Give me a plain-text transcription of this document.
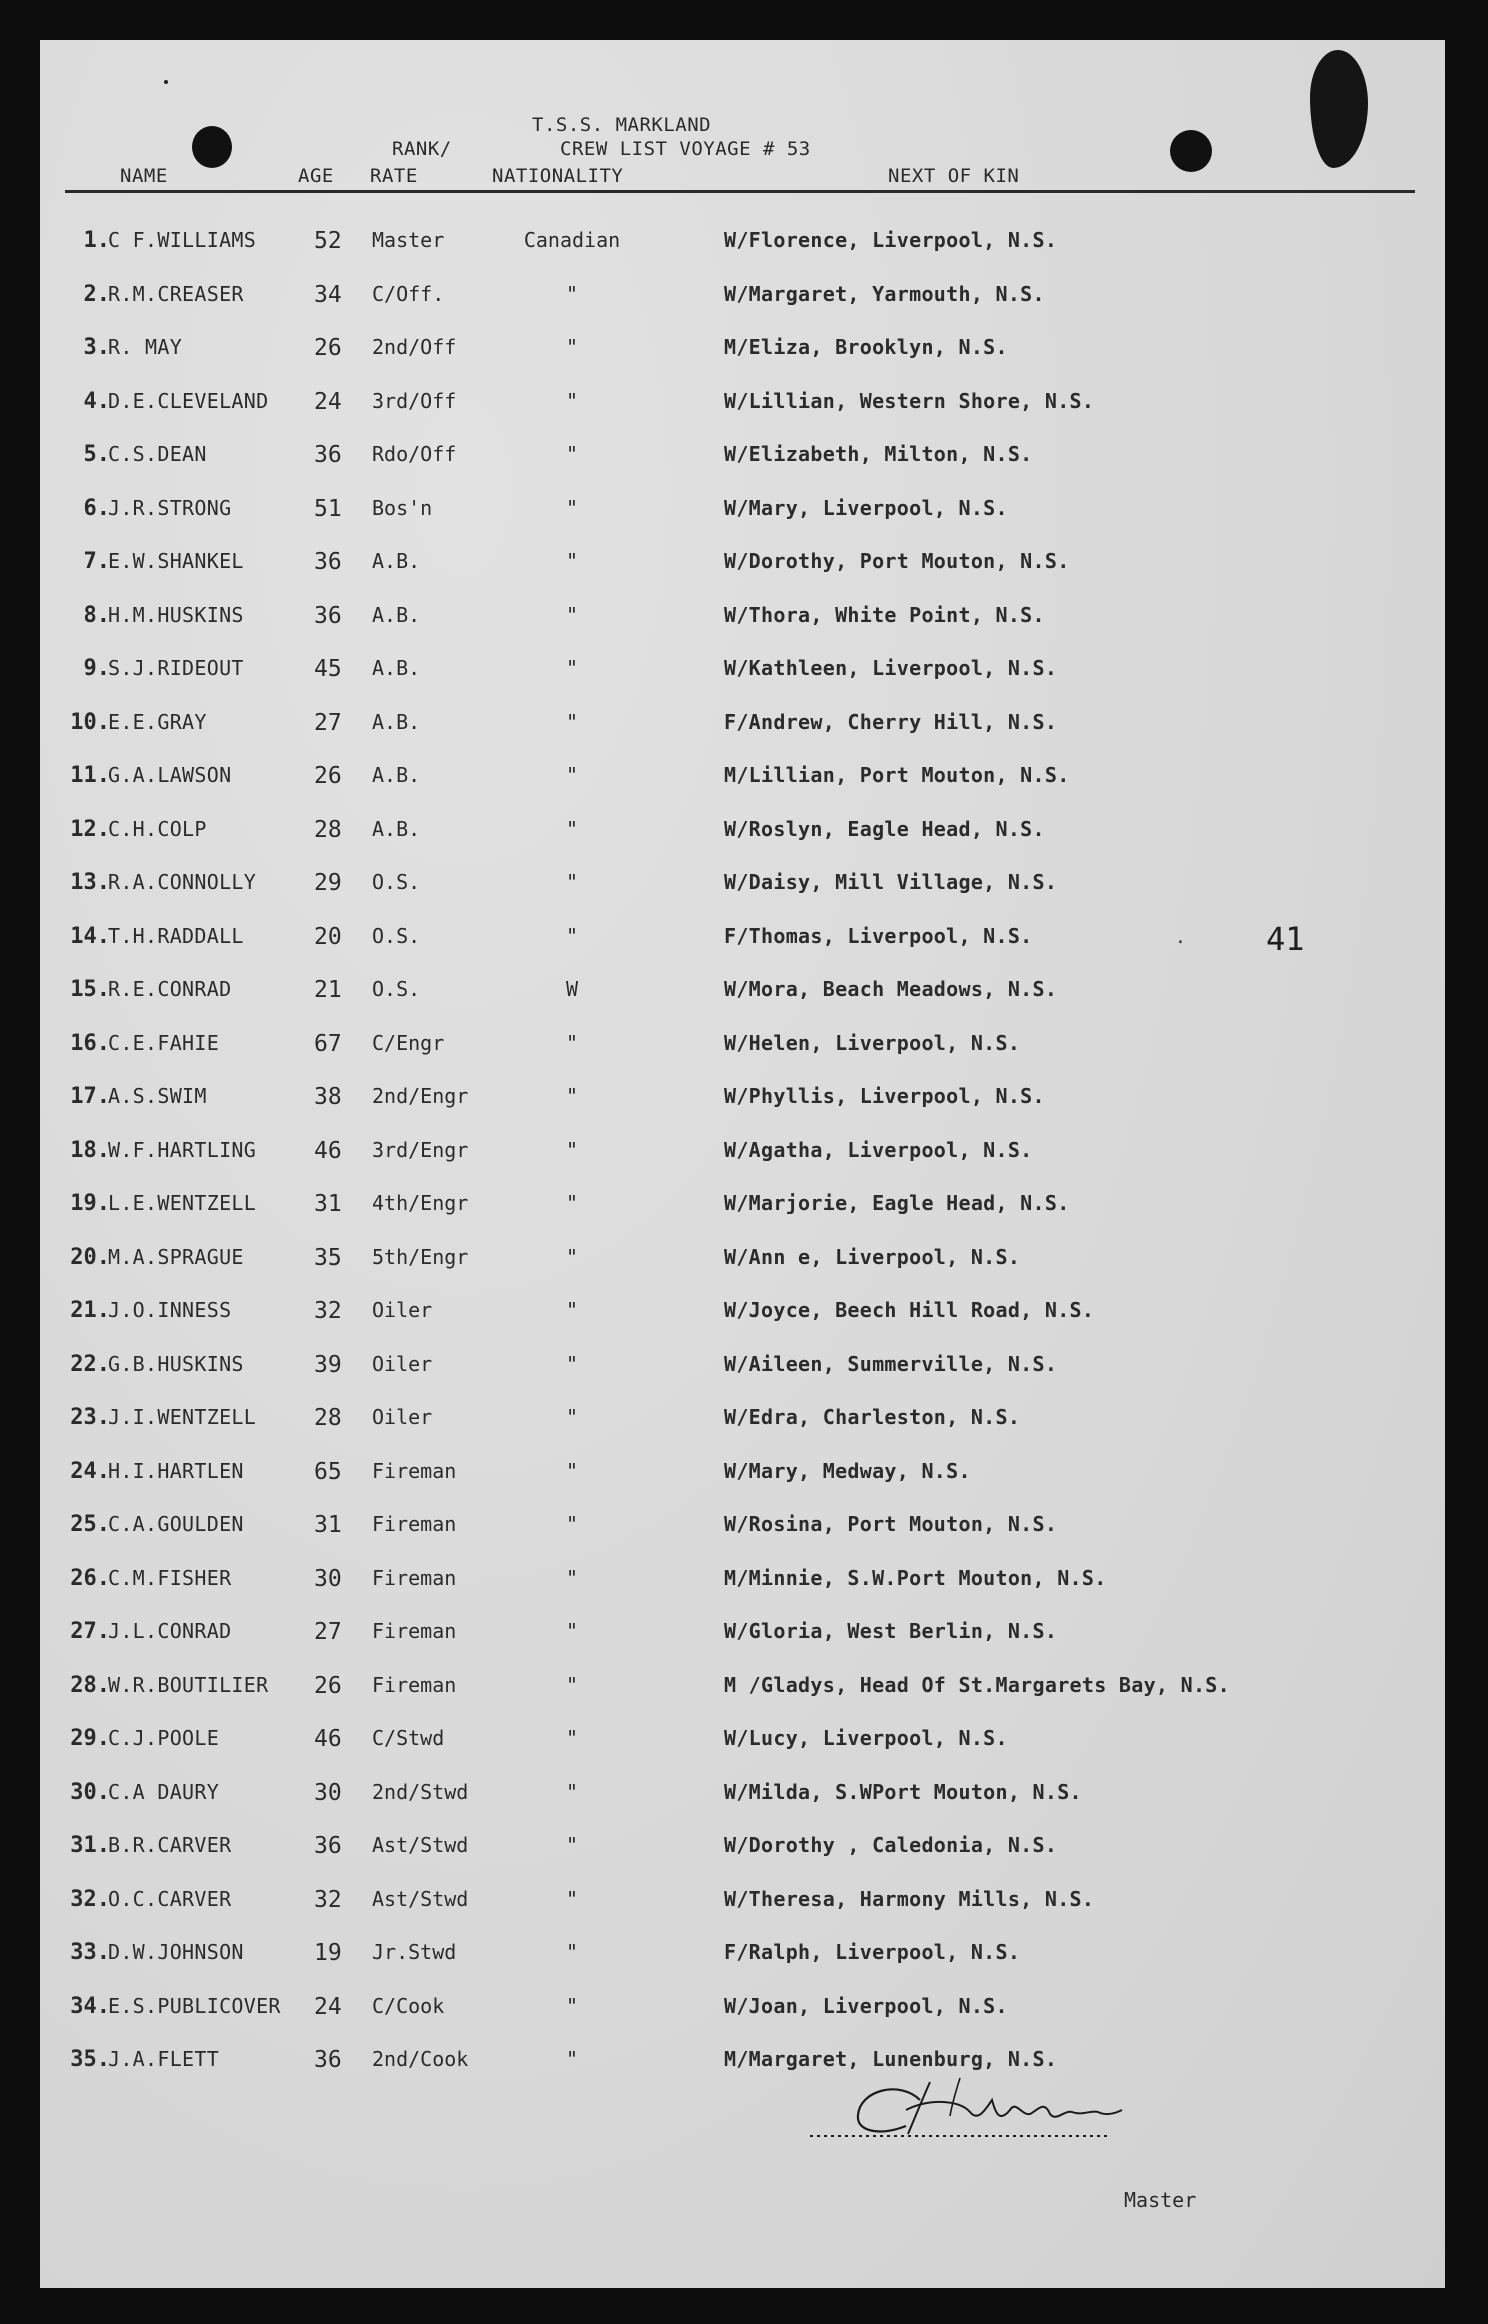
T.S.S. MARKLAND
RANK/	CREW LIST VOYAGE # 53
NAME	AGE RATE	NATIONALITY	NEXT OF KIN
1.
C F.WILLIAMS	52 Master	Canadian	W/Florence, Liverpool, N.S.
2.
R.M.CREASER	34 C/Off.	"	W/Margaret, Yarmouth, N.S.
3.
R. MAY	26 2nd/Off	"	M/Eliza, Brooklyn, N.S.
4.
D.E.CLEVELAND 24 3rd/Off	"	W/Lillian, Western Shore, N.S.
5.
C.S.DEAN	36 Rdo/Off	"	W/Elizabeth, Milton, N.S.
6.
J.R.STRONG	51 Bos'n	"	W/Mary, Liverpool, N.S.
7.
E.W.SHANKEL	36 A.B.	"	W/Dorothy, Port Mouton, N.S.
8.
H.M.HUSKINS	36 A.B.	"	W/Thora, White Point, N.S.
9.
S.J.RIDEOUT	45 A.B.	"	W/Kathleen, Liverpool, N.S.
10.
E.E.GRAY	27 A.B.	"	F/Andrew, Cherry Hill, N.S.
11.
G.A.LAWSON	26 A.B.	"	M/Lillian, Port Mouton, N.S.
12.
C.H.COLP	28 A.B.	"	W/Roslyn, Eagle Head, N.S.
13.
R.A.CONNOLLY	29 O.S.	"	W/Daisy, Mill Village, N.S.
14.
T.H.RADDALL	20 O.S.	"	F/Thomas, Liverpool, N.S.
15.
R.E.CONRAD	21 O.S.	W	W/Mora, Beach Meadows, N.S.
16.
C.E.FAHIE	67 C/Engr	"	W/Helen, Liverpool, N.S.
17.
A.S.SWIM	38 2nd/Engr	"	W/Phyllis, Liverpool, N.S.
18.
W.F.HARTLING	46 3rd/Engr	"	W/Agatha, Liverpool, N.S.
19.
L.E.WENTZELL	31 4th/Engr	"	W/Marjorie, Eagle Head, N.S.
20.
M.A.SPRAGUE	35 5th/Engr	"	W/Ann e, Liverpool, N.S.
21.
J.O.INNESS	32 Oiler	"	W/Joyce, Beech Hill Road, N.S.
22.
G.B.HUSKINS	39 Oiler	"	W/Aileen, Summerville, N.S.
23.
J.I.WENTZELL	28 Oiler	"	W/Edra, Charleston, N.S.
24.
H.I.HARTLEN	65 Fireman	"	W/Mary, Medway, N.S.
25.
C.A.GOULDEN	31 Fireman	"	W/Rosina, Port Mouton, N.S.
26.
C.M.FISHER	30 Fireman	"	M/Minnie, S.W.Port Mouton, N.S.
27.
J.L.CONRAD	27 Fireman	"	W/Gloria, West Berlin, N.S.
28.
W.R.BOUTILIER 26 Fireman	"	M /Gladys, Head Of St.Margarets Bay, N.S.
29.
C.J.POOLE	46 C/Stwd	"	W/Lucy, Liverpool, N.S.
30.
C.A DAURY	30 2nd/Stwd	"	W/Milda, S.WPort Mouton, N.S.
31.
B.R.CARVER	36 Ast/Stwd	"	W/Dorothy , Caledonia, N.S.
32.
O.C.CARVER	32 Ast/Stwd	"	W/Theresa, Harmony Mills, N.S.
33.
D.W.JOHNSON	19 Jr.Stwd	"	F/Ralph, Liverpool, N.S.
34.
E.S.PUBLICOVER 24 C/Cook	"	W/Joan, Liverpool, N.S.
35.
J.A.FLETT	36 2nd/Cook	"	M/Margaret, Lunenburg, N.S.
⋅	41
Master
